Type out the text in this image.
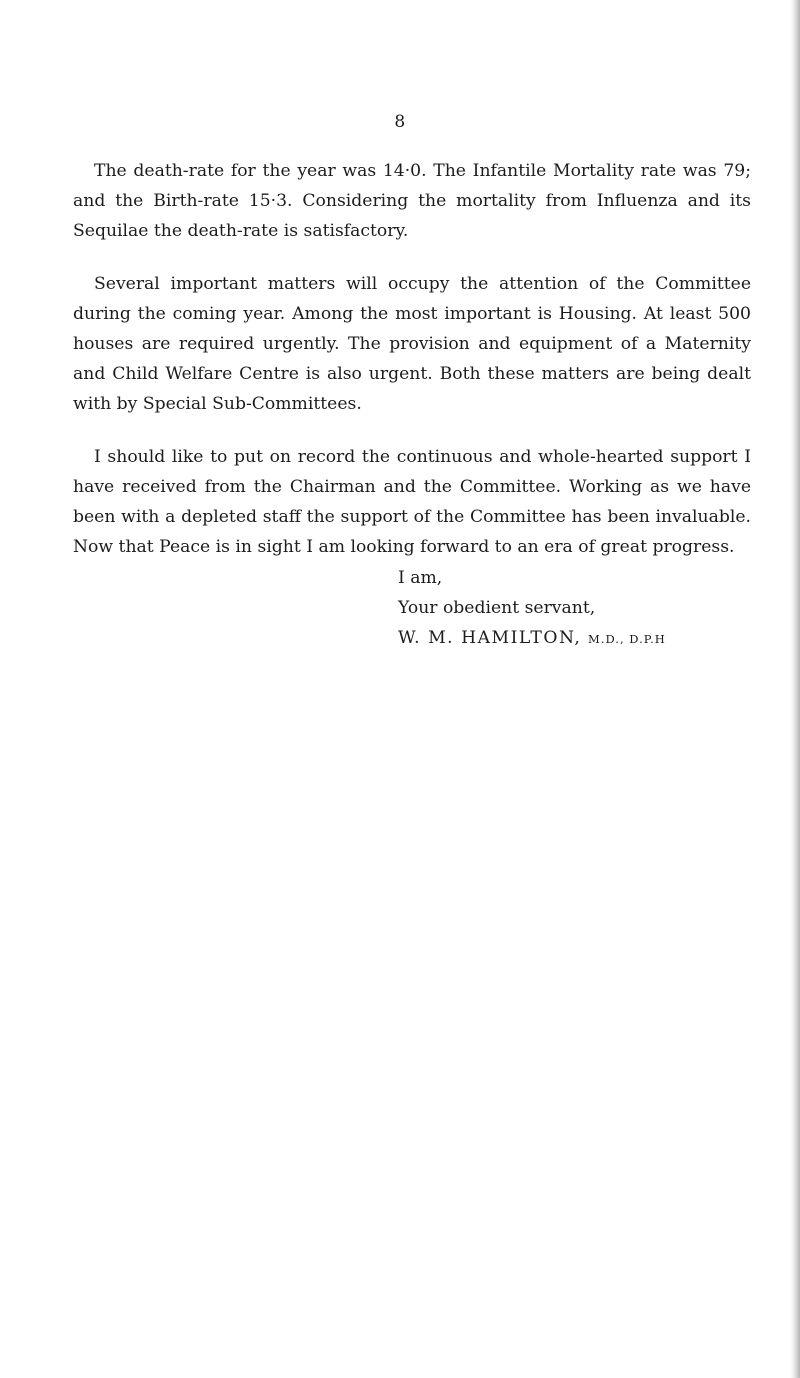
8

The death-rate for the year was 14·0. The Infantile Mortality rate was 79; and the Birth-rate 15·3. Considering the mortality from Influenza and its Sequilae the death-rate is satisfactory.

Several important matters will occupy the attention of the Committee during the coming year. Among the most important is Housing. At least 500 houses are required urgently. The provision and equipment of a Maternity and Child Welfare Centre is also urgent. Both these matters are being dealt with by Special Sub-Committees.

I should like to put on record the continuous and whole-hearted support I have received from the Chairman and the Committee. Working as we have been with a depleted staff the support of the Committee has been invaluable. Now that Peace is in sight I am looking forward to an era of great progress.

I am,

Your obedient servant,

W. M. HAMILTON, M.D., D.P.H
